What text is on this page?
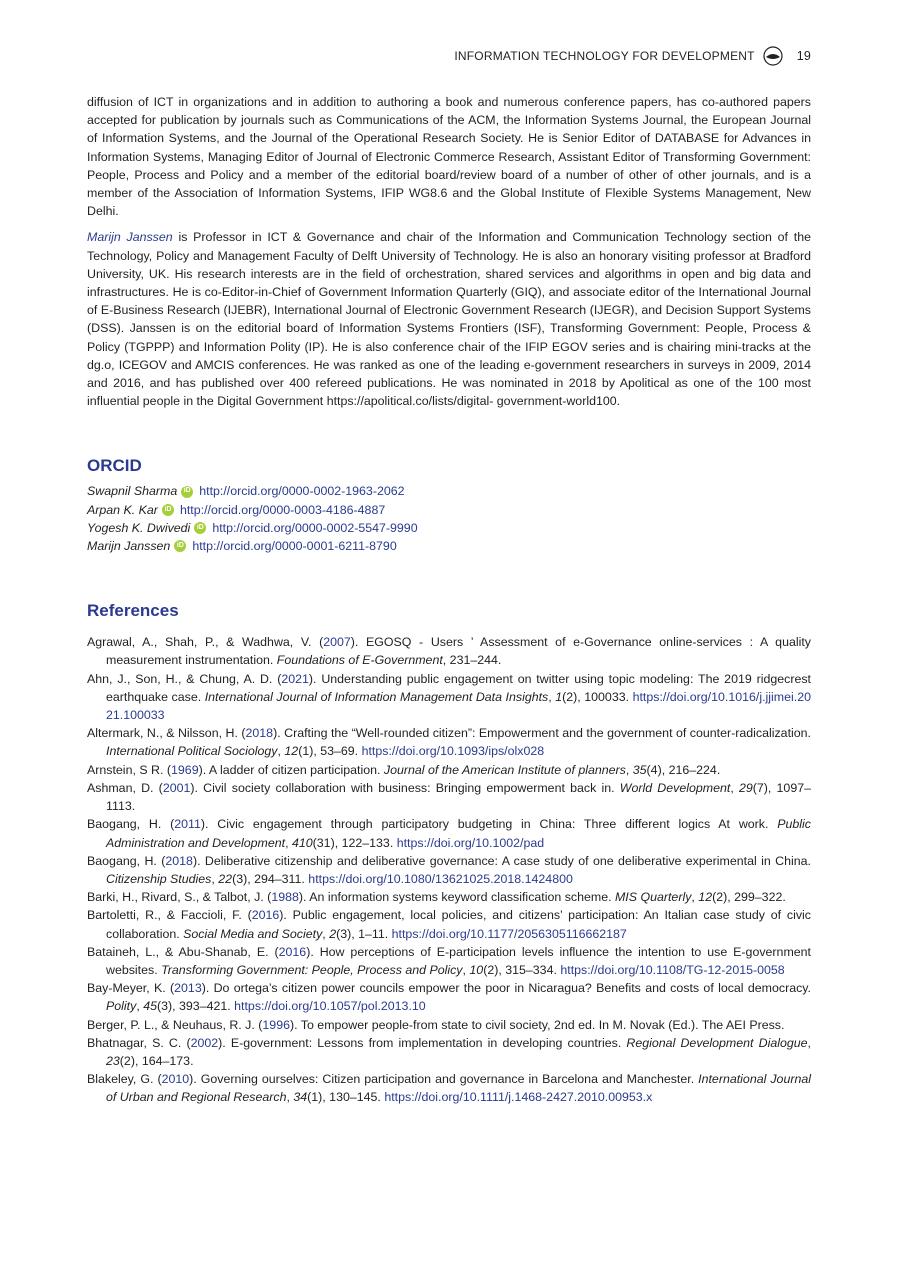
INFORMATION TECHNOLOGY FOR DEVELOPMENT	19

diffusion of ICT in organizations and in addition to authoring a book and numerous conference papers, has co-authored papers accepted for publication by journals such as Communications of the ACM, the Information Systems Journal, the European Journal of Information Systems, and the Journal of the Operational Research Society. He is Senior Editor of DATABASE for Advances in Information Systems, Managing Editor of Journal of Electronic Commerce Research, Assistant Editor of Transforming Government: People, Process and Policy and a member of the editorial board/review board of a number of other of other journals, and is a member of the Association of Information Systems, IFIP WG8.6 and the Global Institute of Flexible Systems Management, New Delhi.

Marijn Janssen is Professor in ICT & Governance and chair of the Information and Communication Technology section of the Technology, Policy and Management Faculty of Delft University of Technology. He is also an honorary visiting professor at Bradford University, UK. His research interests are in the field of orchestration, shared services and algorithms in open and big data and infrastructures. He is co-Editor-in-Chief of Government Information Quarterly (GIQ), and associate editor of the International Journal of E-Business Research (IJEBR), International Journal of Electronic Government Research (IJEGR), and Decision Support Systems (DSS). Janssen is on the editorial board of Information Systems Frontiers (ISF), Transforming Government: People, Process & Policy (TGPPP) and Information Polity (IP). He is also conference chair of the IFIP EGOV series and is chairing mini-tracks at the dg.o, ICEGOV and AMCIS conferences. He was ranked as one of the leading e-government researchers in surveys in 2009, 2014 and 2016, and has published over 400 refereed publications. He was nominated in 2018 by Apolitical as one of the 100 most influential people in the Digital Government https://apolitical.co/lists/digital- government-world100.

ORCID
Swapnil Sharma iD http://orcid.org/0000-0002-1963-2062
Arpan K. Kar iD http://orcid.org/0000-0003-4186-4887
Yogesh K. Dwivedi iD http://orcid.org/0000-0002-5547-9990
Marijn Janssen iD http://orcid.org/0000-0001-6211-8790
References
Agrawal, A., Shah, P., & Wadhwa, V. (2007). EGOSQ - Users ’ Assessment of e-Governance online-services : A quality measurement instrumentation. Foundations of E-Government, 231–244.
Ahn, J., Son, H., & Chung, A. D. (2021). Understanding public engagement on twitter using topic modeling: The 2019 ridgecrest earthquake case. International Journal of Information Management Data Insights, 1(2), 100033. https://doi.org/10.1016/j.jjimei.2021.100033
Altermark, N., & Nilsson, H. (2018). Crafting the “Well-rounded citizen”: Empowerment and the government of counter-radicalization. International Political Sociology, 12(1), 53–69. https://doi.org/10.1093/ips/olx028
Arnstein, S R. (1969). A ladder of citizen participation. Journal of the American Institute of planners, 35(4), 216–224.
Ashman, D. (2001). Civil society collaboration with business: Bringing empowerment back in. World Development, 29(7), 1097–1113.
Baogang, H. (2011). Civic engagement through participatory budgeting in China: Three different logics At work. Public Administration and Development, 410(31), 122–133. https://doi.org/10.1002/pad
Baogang, H. (2018). Deliberative citizenship and deliberative governance: A case study of one deliberative experimental in China. Citizenship Studies, 22(3), 294–311. https://doi.org/10.1080/13621025.2018.1424800
Barki, H., Rivard, S., & Talbot, J. (1988). An information systems keyword classification scheme. MIS Quarterly, 12(2), 299–322.
Bartoletti, R., & Faccioli, F. (2016). Public engagement, local policies, and citizens’ participation: An Italian case study of civic collaboration. Social Media and Society, 2(3), 1–11. https://doi.org/10.1177/2056305116662187
Bataineh, L., & Abu-Shanab, E. (2016). How perceptions of E-participation levels influence the intention to use E-government websites. Transforming Government: People, Process and Policy, 10(2), 315–334. https://doi.org/10.1108/TG-12-2015-0058
Bay-Meyer, K. (2013). Do ortega’s citizen power councils empower the poor in Nicaragua? Benefits and costs of local democracy. Polity, 45(3), 393–421. https://doi.org/10.1057/pol.2013.10
Berger, P. L., & Neuhaus, R. J. (1996). To empower people-from state to civil society, 2nd ed. In M. Novak (Ed.). The AEI Press.
Bhatnagar, S. C. (2002). E-government: Lessons from implementation in developing countries. Regional Development Dialogue, 23(2), 164–173.
Blakeley, G. (2010). Governing ourselves: Citizen participation and governance in Barcelona and Manchester. International Journal of Urban and Regional Research, 34(1), 130–145. https://doi.org/10.1111/j.1468-2427.2010.00953.x
